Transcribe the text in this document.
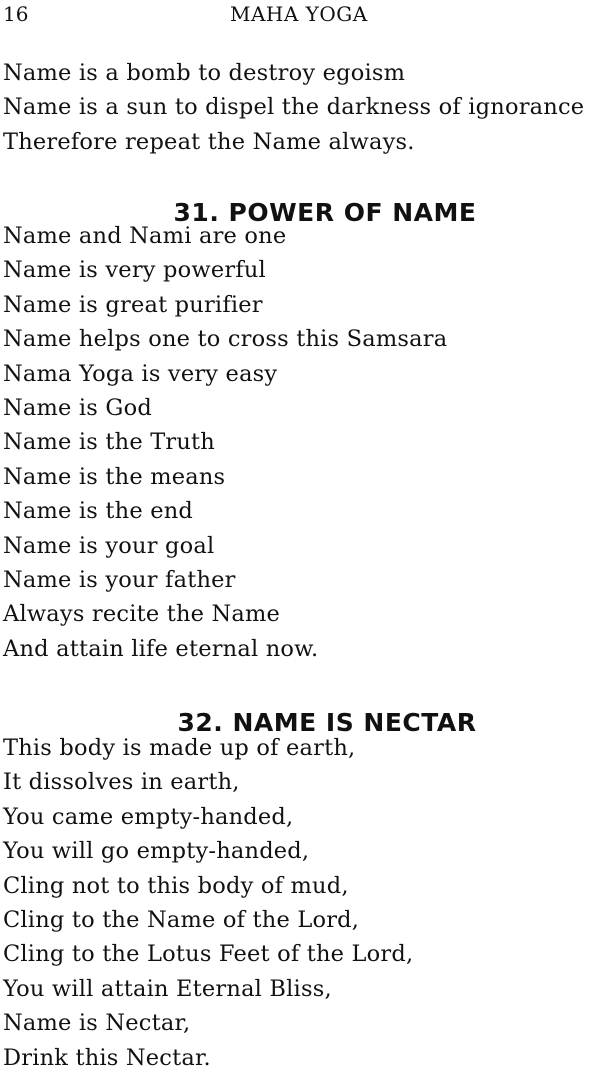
16	MAHA YOGA
Name is a bomb to destroy egoism
Name is a sun to dispel the darkness of ignorance
Therefore repeat the Name always.
31. POWER OF NAME
Name and Nami are one
Name is very powerful
Name is great purifier
Name helps one to cross this Samsara
Nama Yoga is very easy
Name is God
Name is the Truth
Name is the means
Name is the end
Name is your goal
Name is your father
Always recite the Name
And attain life eternal now.
32. NAME IS NECTAR
This body is made up of earth,
It dissolves in earth,
You came empty-handed,
You will go empty-handed,
Cling not to this body of mud,
Cling to the Name of the Lord,
Cling to the Lotus Feet of the Lord,
You will attain Eternal Bliss,
Name is Nectar,
Drink this Nectar.
